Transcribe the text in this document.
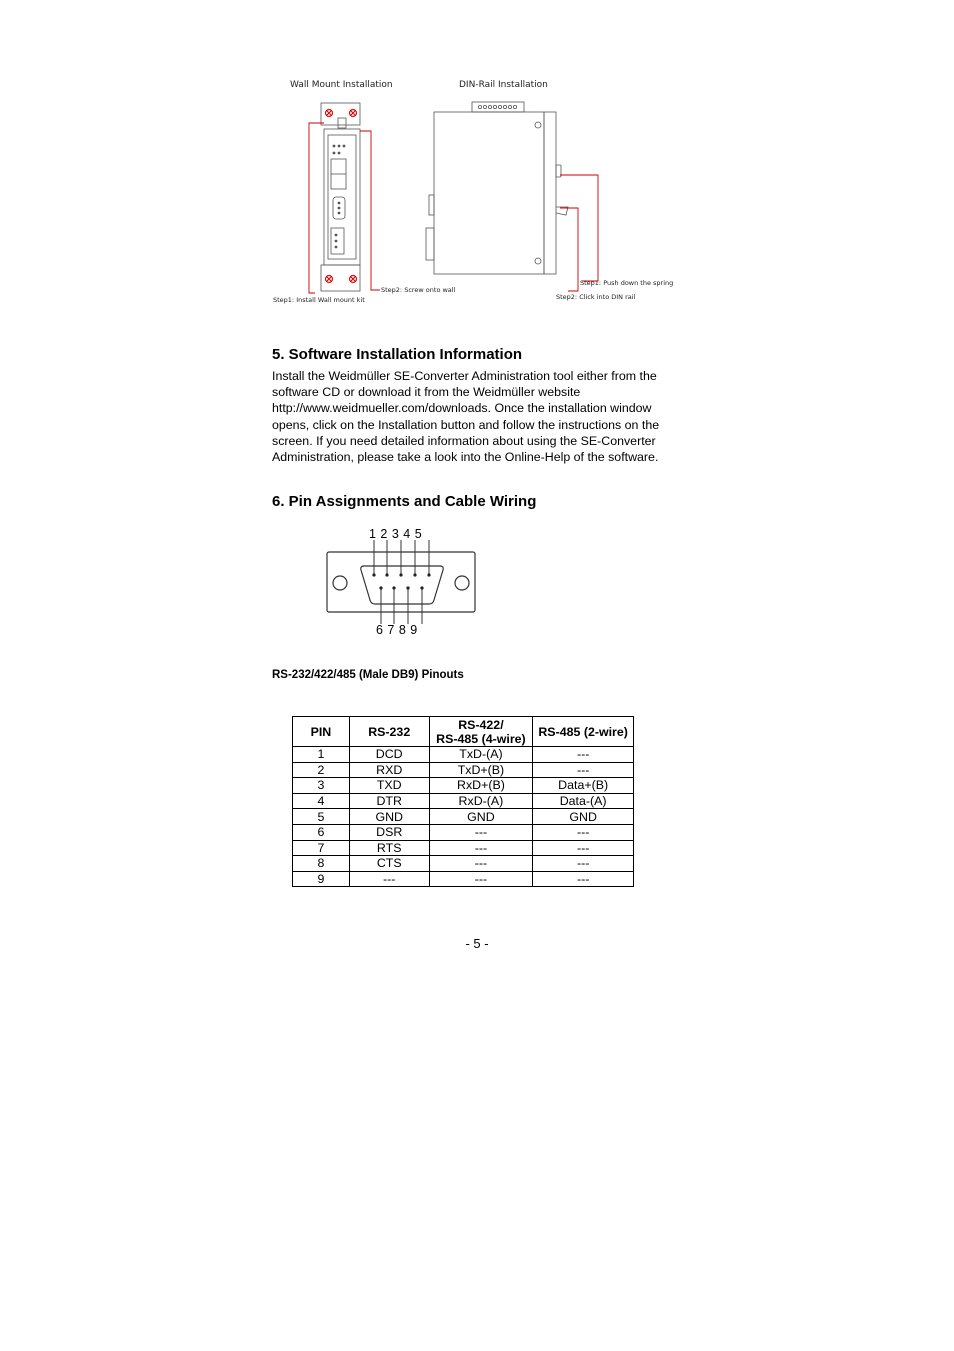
Wall Mount Installation	DIN-Rail Installation
Step1: Install Wall mount kit
Step2: Screw onto wall
Step1: Push down the spring
Step2: Click into DIN rail
5. Software Installation Information
Install the Weidmüller SE-Converter Administration tool either from the
software CD or download it from the Weidmüller website
http://www.weidmueller.com/downloads. Once the installation window
opens, click on the Installation button and follow the instructions on the
screen. If you need detailed information about using the SE-Converter
Administration, please take a look into the Online-Help of the software.
6. Pin Assignments and Cable Wiring
1 2 3 4 5
6 7 8 9
RS-232/422/485 (Male DB9) Pinouts
PIN	RS-232	RS-422/
RS-485 (4-wire)	RS-485 (2-wire)
1	DCD	TxD-(A)	---
2	RXD	TxD+(B)	---
3	TXD	RxD+(B)	Data+(B)
4	DTR	RxD-(A)	Data-(A)
5	GND	GND	GND
6	DSR	---	---
7	RTS	---	---
8	CTS	---	---
9	---	---	---
- 5 -
